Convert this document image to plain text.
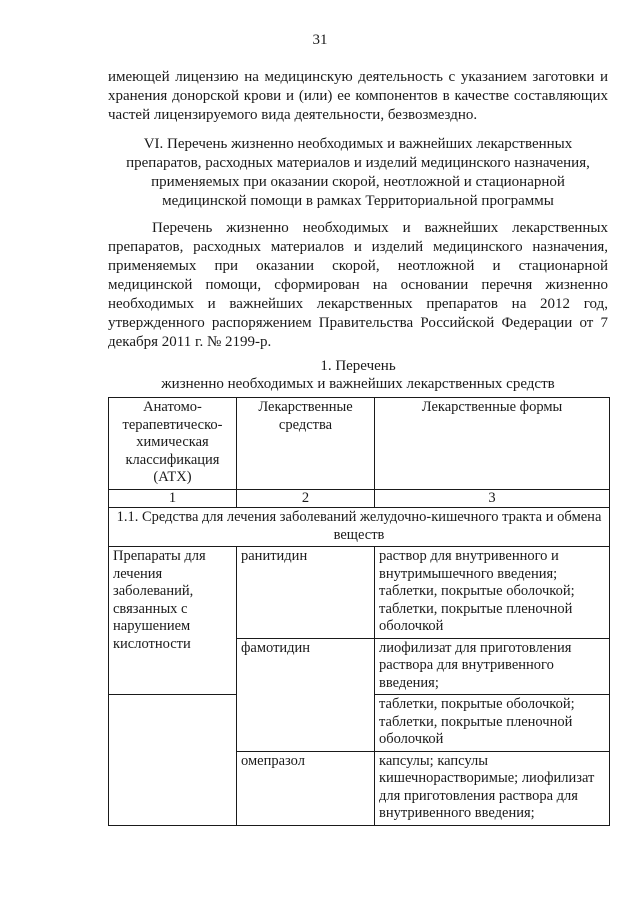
31

имеющей лицензию на медицинскую деятельность с указанием заготовки и хранения донорской крови и (или) ее компонентов в качестве составляющих частей лицензируемого вида деятельности, безвозмездно.

VI. Перечень жизненно необходимых и важнейших лекарственных препаратов, расходных материалов и изделий медицинского назначения, применяемых при оказании скорой, неотложной и стационарной медицинской помощи в рамках Территориальной программы

Перечень жизненно необходимых и важнейших лекарственных препаратов, расходных материалов и изделий медицинского назначения, применяемых при оказании скорой, неотложной и стационарной медицинской помощи, сформирован на основании перечня жизненно необходимых и важнейших лекарственных препаратов на 2012 год, утвержденного распоряжением Правительства Российской Федерации от 7 декабря 2011 г. № 2199-р.

1. Перечень

жизненно необходимых и важнейших лекарственных средств

Анатомо-терапевтическо-химическая классификация (АТХ)	Лекарственные средства	Лекарственные формы
1	2	3
1.1. Средства для лечения заболеваний желудочно-кишечного тракта и обмена веществ		
Препараты для лечения заболеваний, связанных с нарушением кислотности	ранитидин	раствор для внутривенного и внутримышечного введения; таблетки, покрытые оболочкой; таблетки, покрытые пленочной оболочкой
	фамотидин	лиофилизат для приготовления раствора для внутривенного введения;
		таблетки, покрытые оболочкой; таблетки, покрытые пленочной оболочкой
	омепразол	капсулы; капсулы кишечнорастворимые; лиофилизат для приготовления раствора для внутривенного введения;
